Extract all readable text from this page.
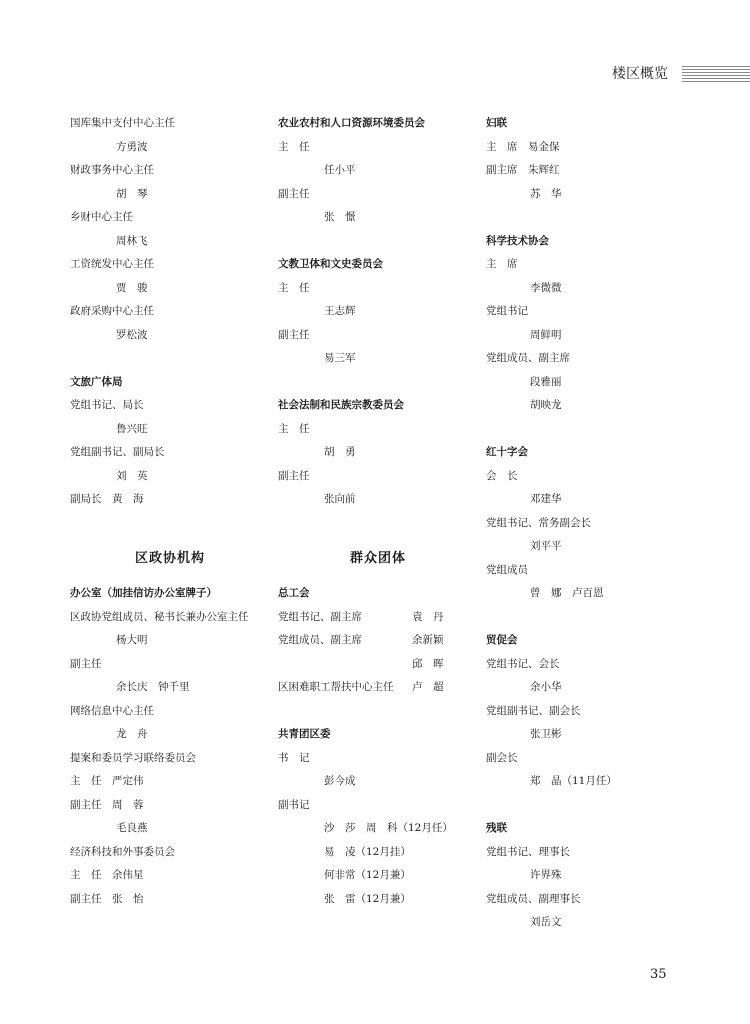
楼区概览
国库集中支付中心主任
方勇波
财政事务中心主任
胡　琴
乡财中心主任
周林飞
工资统发中心主任
贾　骏
政府采购中心主任
罗松波
文旅广体局
党组书记、局长
鲁兴旺
党组副书记、副局长
刘　英
副局长　黄　海
区政协机构
办公室（加挂信访办公室牌子）
区政协党组成员、秘书长兼办公室主任
杨大明
副主任
余长庆　钟千里
网络信息中心主任
龙　舟
提案和委员学习联络委员会
主　任　严定伟
副主任　周　蓉
毛良燕
经济科技和外事委员会
主　任　余伟星
副主任　张　怡
农业农村和人口资源环境委员会
主　任
任小平
副主任
张　憬
文教卫体和文史委员会
主　任
王志辉
副主任
易三军
社会法制和民族宗教委员会
主　任
胡　勇
副主任
张向前
群众团体
总工会
党组书记、副主席	袁　丹
党组成员、副主席	余新颖
邱　晖
区困难职工帮扶中心主任 卢　超
共青团区委
书　记
彭今成
副书记
沙　莎　周　科（12月任）
易　凌（12月挂）
何非常（12月兼）
张　雷（12月兼）
妇联
主　席　易金保
副主席　朱辉红
苏　华
科学技术协会
主　席
李微微
党组书记
周鲜明
党组成员、副主席
段雅丽
胡映龙
红十字会
会　长
邓建华
党组书记、常务副会长
刘平平
党组成员
曾　娜　卢百恩
贸促会
党组书记、会长
余小华
党组副书记、副会长
张卫彬
副会长
郑　晶（11月任）
残联
党组书记、理事长
许界殊
党组成员、副理事长
刘岳文
35
